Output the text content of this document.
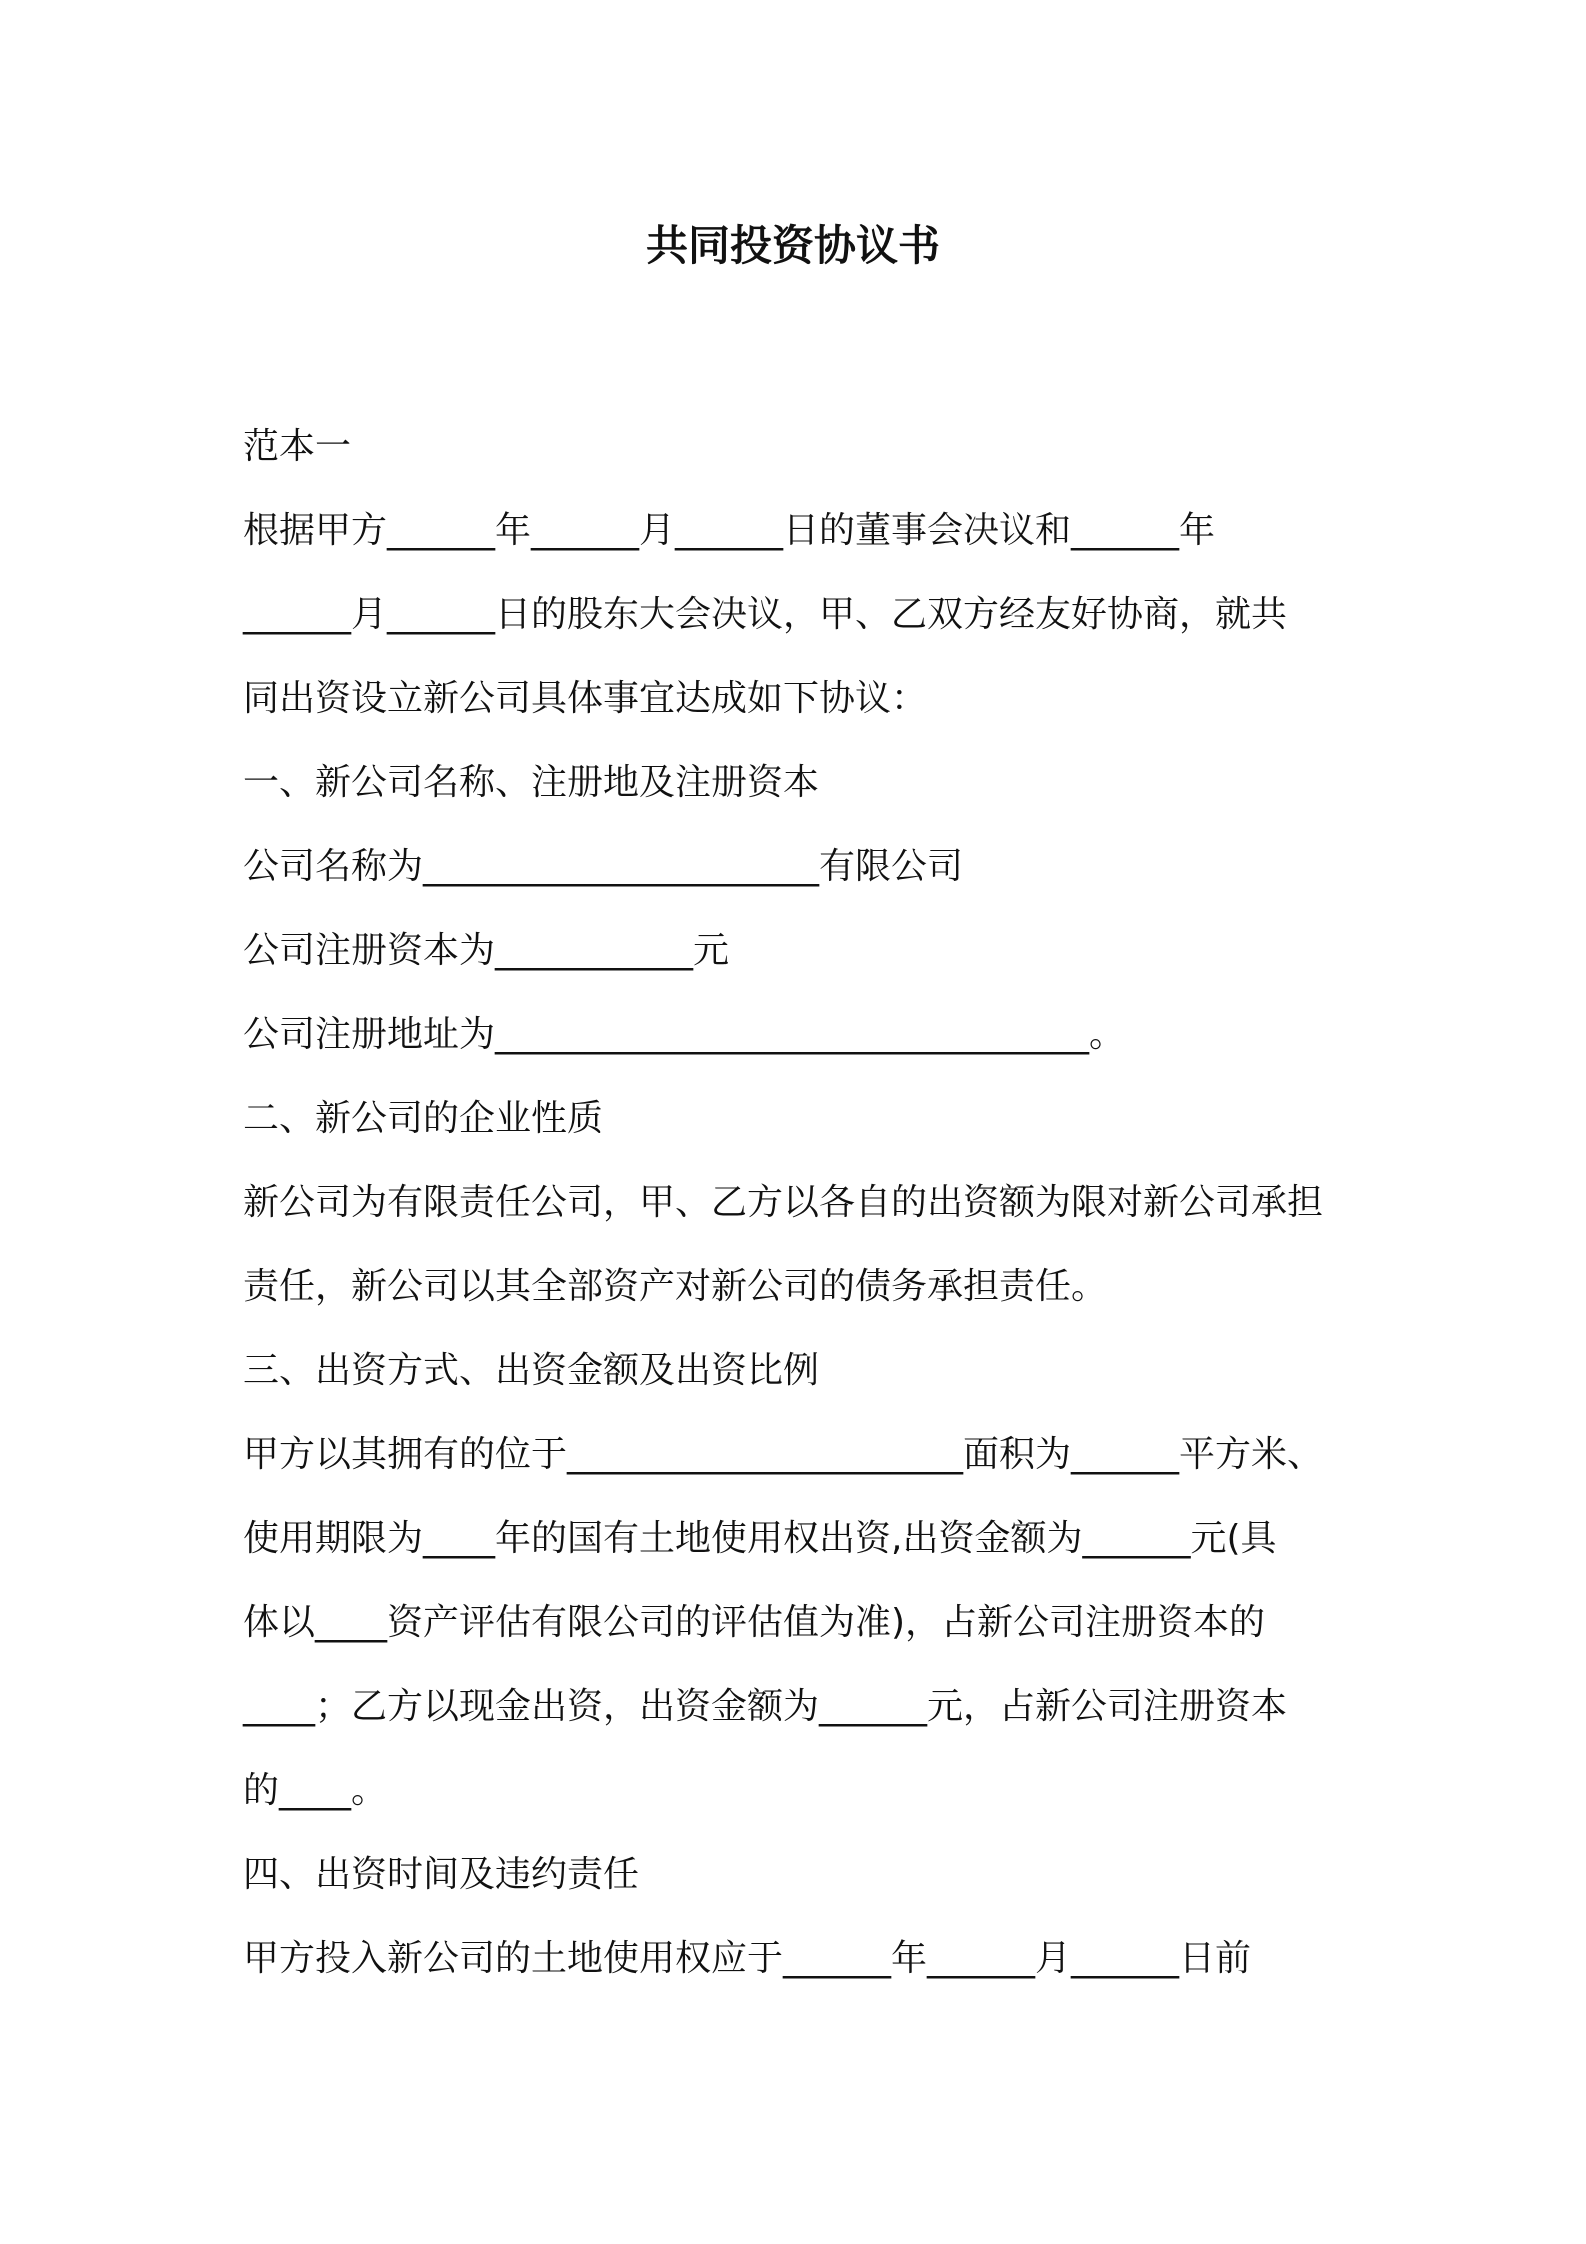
共同投资协议书
范本一
根据甲方______年______月______日的董事会决议和______年
______月______日的股东大会决议，甲、乙双方经友好协商，就共
同出资设立新公司具体事宜达成如下协议：
一、新公司名称、注册地及注册资本
公司名称为______________________有限公司
公司注册资本为___________元
公司注册地址为_________________________________。
二、新公司的企业性质
新公司为有限责任公司，甲、乙方以各自的出资额为限对新公司承担
责任，新公司以其全部资产对新公司的债务承担责任。
三、出资方式、出资金额及出资比例
甲方以其拥有的位于______________________面积为______平方米、
使用期限为____年的国有土地使用权出资,出资金额为______元(具
体以____资产评估有限公司的评估值为准)，占新公司注册资本的
____；乙方以现金出资，出资金额为______元，占新公司注册资本
的____。
四、出资时间及违约责任
甲方投入新公司的土地使用权应于______年______月______日前
